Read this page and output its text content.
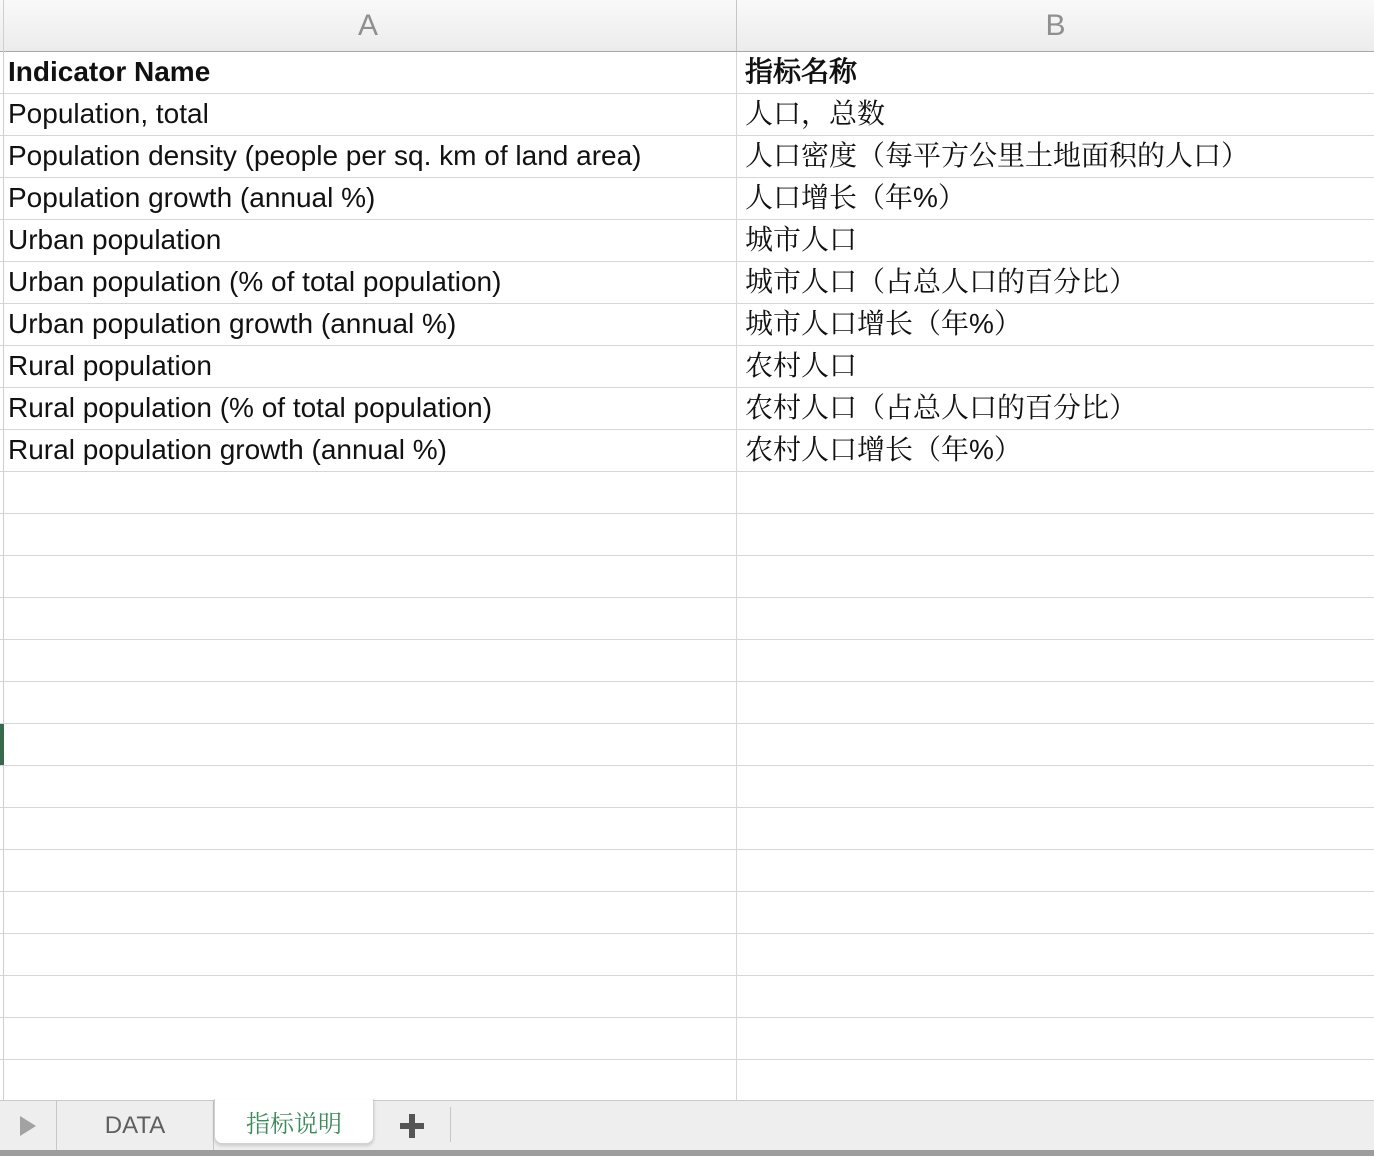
A	B
Indicator Name	指标名称
Population, total	人口，总数
Population density (people per sq. km of land area)	人口密度（每平方公里土地面积的人口）
Population growth (annual %)	人口增长（年%）
Urban population	城市人口
Urban population (% of total population)	城市人口（占总人口的百分比）
Urban population growth (annual %)	城市人口增长（年%）
Rural population	农村人口
Rural population (% of total population)	农村人口（占总人口的百分比）
Rural population growth (annual %)	农村人口增长（年%）
DATA	指标说明
